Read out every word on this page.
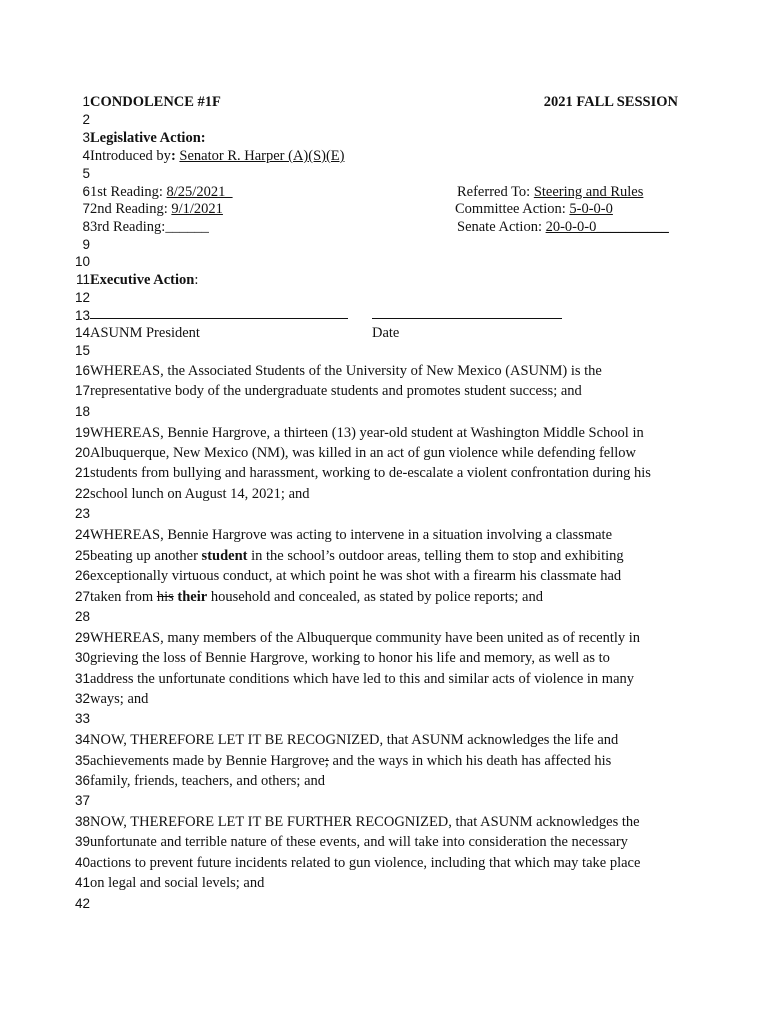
1
2
3
4
5
6
7
8
9
10
11
12
13
14
15
16
17
18
19
20
21
22
23
24
25
26
27
28
29
30
31
32
33
34
35
36
37
38
39
40
41
42
CONDOLENCE #1F	2021 FALL SESSION
Legislative Action:
Introduced by: Senator R. Harper (A)(S)(E)
1st Reading: 8/25/2021	Referred To: Steering and Rules
2nd Reading: 9/1/2021	Committee Action: 5-0-0-0
3rd Reading:______	Senate Action: 20-0-0-0__________
Executive Action:
ASUNM President	Date
WHEREAS, the Associated Students of the University of New Mexico (ASUNM) is the
representative body of the undergraduate students and promotes student success; and
WHEREAS, Bennie Hargrove, a thirteen (13) year-old student at Washington Middle School in
Albuquerque, New Mexico (NM), was killed in an act of gun violence while defending fellow
students from bullying and harassment, working to de-escalate a violent confrontation during his
school lunch on August 14, 2021; and
WHEREAS, Bennie Hargrove was acting to intervene in a situation involving a classmate
beating up another student in the school’s outdoor areas, telling them to stop and exhibiting
exceptionally virtuous conduct, at which point he was shot with a firearm his classmate had
taken from his their household and concealed, as stated by police reports; and
WHEREAS, many members of the Albuquerque community have been united as of recently in
grieving the loss of Bennie Hargrove, working to honor his life and memory, as well as to
address the unfortunate conditions which have led to this and similar acts of violence in many
ways; and
NOW, THEREFORE LET IT BE RECOGNIZED, that ASUNM acknowledges the life and
achievements made by Bennie Hargrove; and the ways in which his death has affected his
family, friends, teachers, and others; and
NOW, THEREFORE LET IT BE FURTHER RECOGNIZED, that ASUNM acknowledges the
unfortunate and terrible nature of these events, and will take into consideration the necessary
actions to prevent future incidents related to gun violence, including that which may take place
on legal and social levels; and
